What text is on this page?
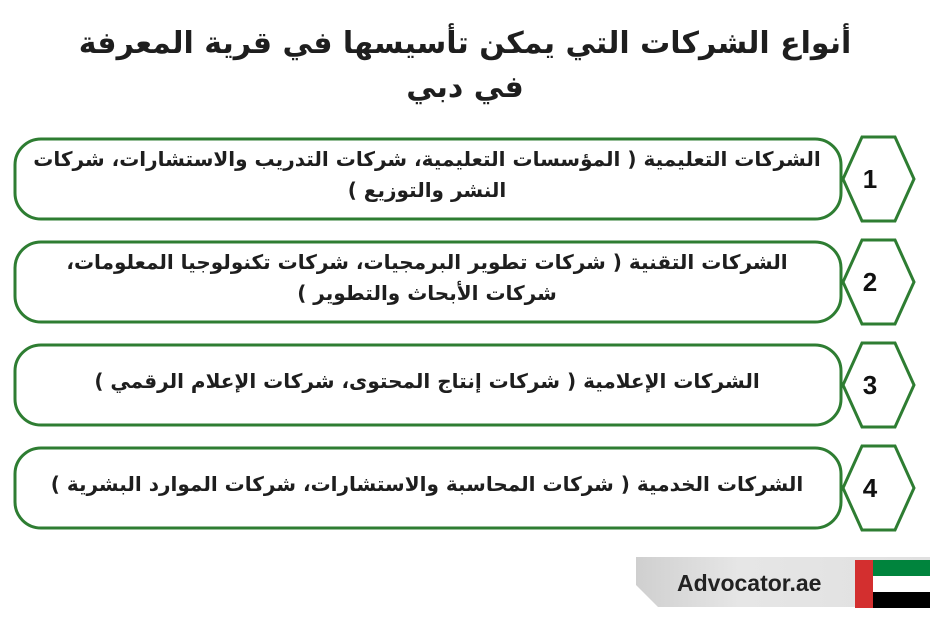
أنواع الشركات التي يمكن تأسيسها في قرية المعرفة في دبي
الشركات التعليمية ( المؤسسات التعليمية، شركات التدريب والاستشارات، شركات النشر والتوزيع )	1
الشركات التقنية ( شركات تطوير البرمجيات، شركات تكنولوجيا المعلومات، شركات الأبحاث والتطوير )	2
الشركات الإعلامية ( شركات إنتاج المحتوى، شركات الإعلام الرقمي )	3
الشركات الخدمية ( شركات المحاسبة والاستشارات، شركات الموارد البشرية )	4
Advocator.ae
